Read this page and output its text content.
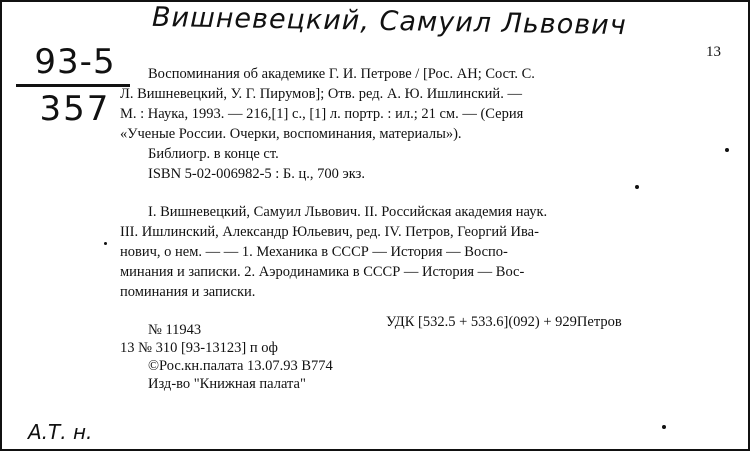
Вишневецкий, Самуил Львович
93-5
357
13
Воспоминания об академике Г. И. Петрове / [Рос. АН; Сост. С.
Л. Вишневецкий, У. Г. Пирумов]; Отв. ред. А. Ю. Ишлинский. —
М. : Наука, 1993. — 216,[1] с., [1] л. портр. : ил.; 21 см. — (Серия
«Ученые России. Очерки, воспоминания, материалы»).
Библиогр. в конце ст.
ISBN 5-02-006982-5 : Б. ц., 700 экз.
I. Вишневецкий, Самуил Львович. II. Российская академия наук.
III. Ишлинский, Александр Юльевич, ред. IV. Петров, Георгий Ива-
нович, о нем. — — 1. Механика в СССР — История — Воспо-
минания и записки. 2. Аэродинамика в СССР — История — Вос-
поминания и записки.
№ 11943	УДК [532.5 + 533.6](092) + 929Петров
13 № 310 [93-13123] п оф
©Рос.кн.палата 13.07.93 В774
Изд-во "Книжная палата"
А.Т. н.
